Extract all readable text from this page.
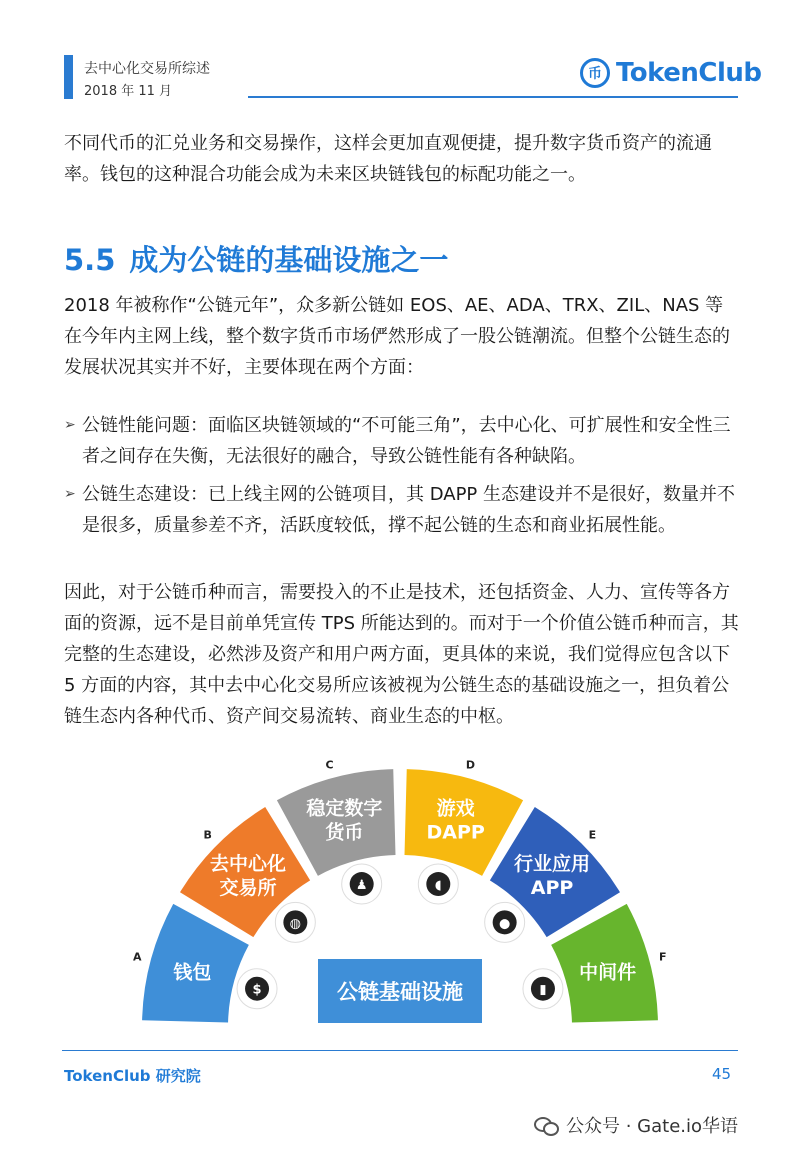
去中心化交易所综述
2018 年 11 月
币 TokenClub
不同代币的汇兑业务和交易操作，这样会更加直观便捷，提升数字货币资产的流通率。钱包的这种混合功能会成为未来区块链钱包的标配功能之一。
5.5 成为公链的基础设施之一
2018 年被称作“公链元年”，众多新公链如 EOS、AE、ADA、TRX、ZIL、NAS 等在今年内主网上线，整个数字货币市场俨然形成了一股公链潮流。但整个公链生态的发展状况其实并不好，主要体现在两个方面：
➢ 公链性能问题：面临区块链领域的“不可能三角”，去中心化、可扩展性和安全性三者之间存在失衡，无法很好的融合，导致公链性能有各种缺陷。
➢ 公链生态建设：已上线主网的公链项目，其 DAPP 生态建设并不是很好，数量并不是很多，质量参差不齐，活跃度较低，撑不起公链的生态和商业拓展性能。
因此，对于公链币种而言，需要投入的不止是技术，还包括资金、人力、宣传等各方面的资源，远不是目前单凭宣传 TPS 所能达到的。而对于一个价值公链币种而言，其完整的生态建设，必然涉及资产和用户两方面，更具体的来说，我们觉得应包含以下 5 方面的内容，其中去中心化交易所应该被视为公链生态的基础设施之一，担负着公链生态内各种代币、资产间交易流转、商业生态的中枢。
钱包
A
$
去中心化
交易所
B
◍
稳定数字
货币
C
♟
游戏
DAPP
D
◖
行业应用
APP
E
●
中间件
F
▮
公链基础设施
TokenClub 研究院	45
公众号 · Gate.io华语
